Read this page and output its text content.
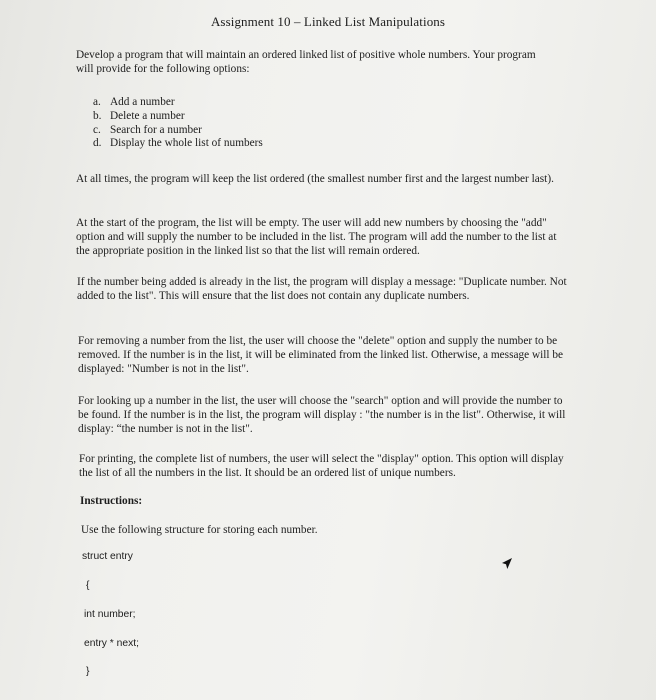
Assignment 10 – Linked List Manipulations

Develop a program that will maintain an ordered linked list of positive whole numbers. Your program will provide for the following options:

a. Add a number
b. Delete a number
c. Search for a number
d. Display the whole list of numbers

At all times, the program will keep the list ordered (the smallest number first and the largest number last).

At the start of the program, the list will be empty. The user will add new numbers by choosing the "add" option and will supply the number to be included in the list. The program will add the number to the list at the appropriate position in the linked list so that the list will remain ordered.

If the number being added is already in the list, the program will display a message: "Duplicate number. Not added to the list". This will ensure that the list does not contain any duplicate numbers.

For removing a number from the list, the user will choose the "delete" option and supply the number to be removed. If the number is in the list, it will be eliminated from the linked list. Otherwise, a message will be displayed: "Number is not in the list".

For looking up a number in the list, the user will choose the "search" option and will provide the number to be found. If the number is in the list, the program will display : "the number is in the list". Otherwise, it will display: “the number is not in the list".

For printing, the complete list of numbers, the user will select the "display" option. This option will display the list of all the numbers in the list. It should be an ordered list of unique numbers.

Instructions:

Use the following structure for storing each number.

struct entry
{
int number;
entry * next;
}
